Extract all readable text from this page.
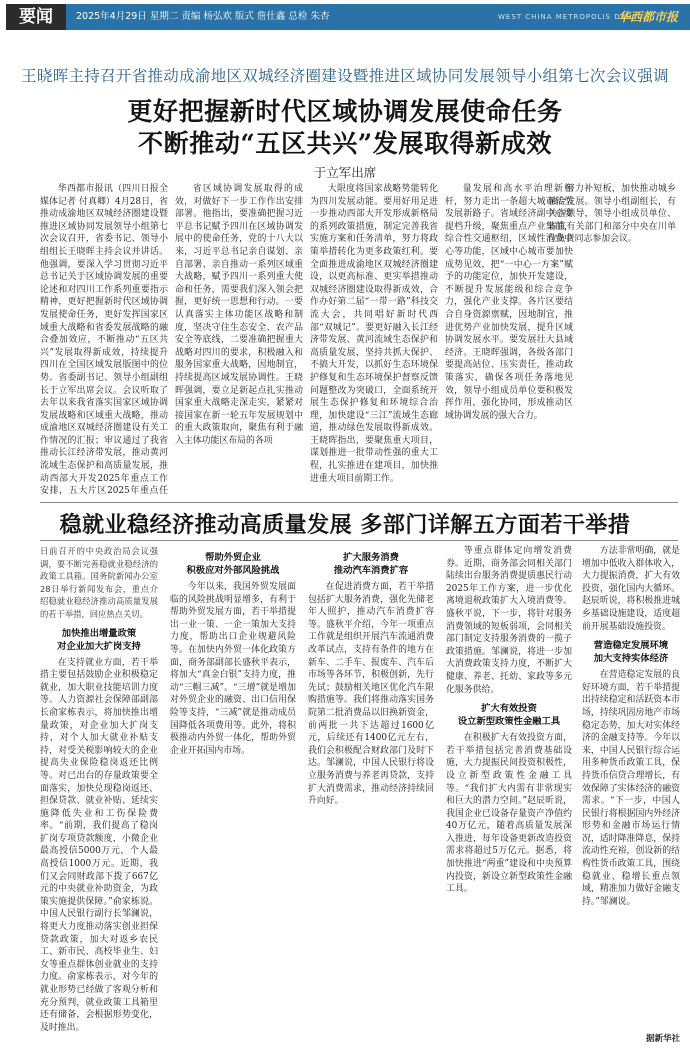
要闻	2025年4月29日 星期二 责编 杨弘欢 版式 詹仕鑫 总检 朱杏	WEST CHINA METROPOLIS DAILY
华西都市报
王晓晖主持召开省推动成渝地区双城经济圈建设暨推进区域协同发展领导小组第七次会议强调
更好把握新时代区域协调发展使命任务
不断推动“五区共兴”发展取得新成效
于立军出席

华西都市报讯（四川日报全媒体记者 付真卿）4月28日，省推动成渝地区双城经济圈建设暨推进区域协同发展领导小组第七次会议召开，省委书记、领导小组组长王晓晖主持会议并讲话。他强调，要深入学习贯彻习近平总书记关于区域协调发展的重要论述和对四川工作系列重要指示精神，更好把握新时代区域协调发展使命任务，更好发挥国家区域重大战略和省委发展战略的融合叠加效应，不断推动“五区共兴”发展取得新成效，持续提升四川在全国区域发展版图中的位势。省委副书记、领导小组副组长于立军出席会议。会议听取了去年以来我省落实国家区域协调发展战略和区域重大战略，推动成渝地区双城经济圈建设有关工作情况的汇报；审议通过了我省推动长江经济带发展，推动黄河流域生态保护和高质量发展，推动西部大开发2025年重点工作安排，五大片区2025年重点任

省区域协调发展取得的成效，对做好下一步工作作出安排部署。他指出，要准确把握习近平总书记赋予四川在区域协调发展中的使命任务，党的十八大以来，习近平总书记亲自谋划、亲自部署、亲自推动一系列区域重大战略，赋予四川一系列重大使命和任务，需要我们深入领会把握，更好统一思想和行动。一要认真落实主体功能区战略和制度，坚决守住生态安全、农产品安全等底线，二要准确把握重大战略对四川的要求，积极融入和服务国家重大战略，因地制宜，持续提高区域发展协调性。王晓晖强调，要立足新起点扎实推动国家重大战略走深走实，紧紧对接国家在新一轮五年发展规划中的重大政策取向，聚焦有利于融入主体功能区布局的各项

大限度将国家战略势能转化为四川发展动能。要用好用足进一步推动西部大开发形成新格局的系列政策措施，制定完善我省实施方案和任务清单，努力将政策举措转化为更多政策红利。要全面推进成渝地区双城经济圈建设，以更高标准、更实举措推动双城经济圈建设取得新成效，合作办好第二届“一带一路”科技交流大会，共同唱好新时代西部“双城记”。要更好融入长江经济带发展、黄河流域生态保护和高质量发展，坚持共抓大保护、不搞大开发，以抓好生态环境保护修复和生态环境保护督察反馈问题整改为突破口，全面系统开展生态保护修复和环境综合治理，加快建设“三江”流域生态廊道，推动绿色发展取得新成效。王晓晖指出，要聚焦重大项目，谋划推进一批带动性强的重大工程，扎实推进在建项目，加快推进重大项目前期工作。

量发展和高水平治理新标杆，努力走出一条超大城市转型发展新路子。省域经济副中心要提档升级，聚焦重点产业集群，综合性交通枢纽，区域性消费中心等功能，区域中心城市要加快成势见效，把“一中心一方案”赋予的功能定位，加快开发建设，不断提升发展能级和综合竞争力，强化产业支撑。各片区要结合自身资源禀赋，因地制宜，推进优势产业加快发展，提升区域协调发展水平。要发展壮大县域经济。王晓晖强调，各级各部门要提高站位、压实责任，推动政策落实，确保各项任务落地见效，领导小组成员单位要积极发挥作用，强化协同，形成推动区域协调发展的强大合力。

努力补短板，加快推动城乡融合发展。领导小组副组长，有关省领导，领导小组成员单位、省直有关部门和部分中央在川单位负责同志参加会议。

稳就业稳经济推动高质量发展 多部门详解五方面若干举措

日前召开的中央政治局会议强调，要不断完善稳就业稳经济的政策工具箱。国务院新闻办公室28日举行新闻发布会，重点介绍稳就业稳经济推动高质量发展的若干举措，回应热点关切。

加快推出增量政策
对企业加大扩岗支持

在支持就业方面，若干举措主要包括鼓励企业积极稳定就业，加大职业技能培训力度等。人力资源社会保障部副部长俞家栋表示，将加快推出增量政策，对企业加大扩岗支持，对个人加大就业补贴支持，对受关税影响较大的企业提高失业保险稳岗返还比例等。对已出台的存量政策要全面落实，加快兑现稳岗返还、担保贷款、就业补贴、延续实施降低失业和工伤保险费率。“前期，我们提高了稳岗扩岗专项贷款额度，小微企业最高授信5000万元，个人最高授信1000万元。近期，我们又会同财政部下拨了667亿元的中央就业补助资金，为政策实施提供保障。”俞家栋说。中国人民银行副行长邹澜说，将更大力度推动落实创业担保贷款政策，加大对返乡农民工、新市民、高校毕业生、妇女等重点群体创业就业的支持力度。俞家栋表示，对今年的就业形势已经做了客观分析和充分预判，就业政策工具箱里还有储备，会根据形势变化，及时推出。

帮助外贸企业
积极应对外部风险挑战

今年以来，我国外贸发展面临的风险挑战明显增多，有利于帮助外贸发展方面，若干举措提出一业一策、一企一策加大支持力度，帮助出口企业规避风险等。在加快内外贸一体化政策方面，商务部副部长盛秋平表示，将加大“真金白银”支持力度，推动“三帽三减”。“三增”就是增加对外贸企业的融资、出口信用保险等支持，“三减”就是推动成员国降低各项费用等。此外，将积极推动内外贸一体化，帮助外贸企业开拓国内市场。

扩大服务消费
推动汽车消费扩容

在促进消费方面，若干举措包括扩大服务消费，强化先储老年人照护，推动汽车消费扩容等。盛秋平介绍，今年一项重点工作就是组织开展汽车流通消费改革试点，支持有条件的地方在新车、二手车、报废车、汽车后市场等各环节，积极创新，先行先试；鼓励相关地区优化汽车限购措施等。我们将推动落实国务院第二批消费品以旧换新资金，前两批一共下达超过1600亿元，后续还有1400亿元左右，我们会积极配合财政部门及时下达。邹澜说，中国人民银行将设立服务消费与养老再贷款，支持扩大消费需求，推动经济持续回升向好。

等重点群体定向增发消费券。近期，商务部会同相关部门陆续出台服务消费提质惠民行动2025年工作方案，进一步优化离境退税政策扩大入境消费等。盛秋平说，下一步，将针对服务消费领域的短板弱项，会同相关部门制定支持服务消费的一揽子政策措施。邹澜说，将进一步加大消费政策支持力度，不断扩大健康、养老、托幼、家政等多元化服务供给。

扩大有效投资
设立新型政策性金融工具

在积极扩大有效投资方面，若干举措包括完善消费基础设施，大力提振民间投资积极性，设立新型政策性金融工具等。“我们扩大内需有非常现实和巨大的潜力空间。”赵辰昕说，我国企业已设备存量资产净值约40万亿元，随着高质量发展深入推进，每年设备更新改造投资需求将超过5万亿元。据悉，将加快推进“两重”建设和中央预算内投资，新设立新型政策性金融工具。

方法非常明确，就是增加中低收入群体收入，大力提振消费，扩大有效投资，强化国内大循环。赵辰昕说，将积极推进城乡基础设施建设，适度超前开展基础设施投资。

营造稳定发展环境
加大支持实体经济

在营造稳定发展的良好环境方面，若干举措提出持续稳定和活跃资本市场，持续巩固房地产市场稳定态势，加大对实体经济的金融支持等。今年以来，中国人民银行综合运用多种货币政策工具，保持货币信贷合理增长，有效保障了实体经济的融资需求。“下一步，中国人民银行将根据国内外经济形势和金融市场运行情况，适时降准降息，保持流动性充裕，创设新的结构性货币政策工具，围绕稳就业、稳增长重点领域，精准加力做好金融支持。”邹澜说。

据新华社
